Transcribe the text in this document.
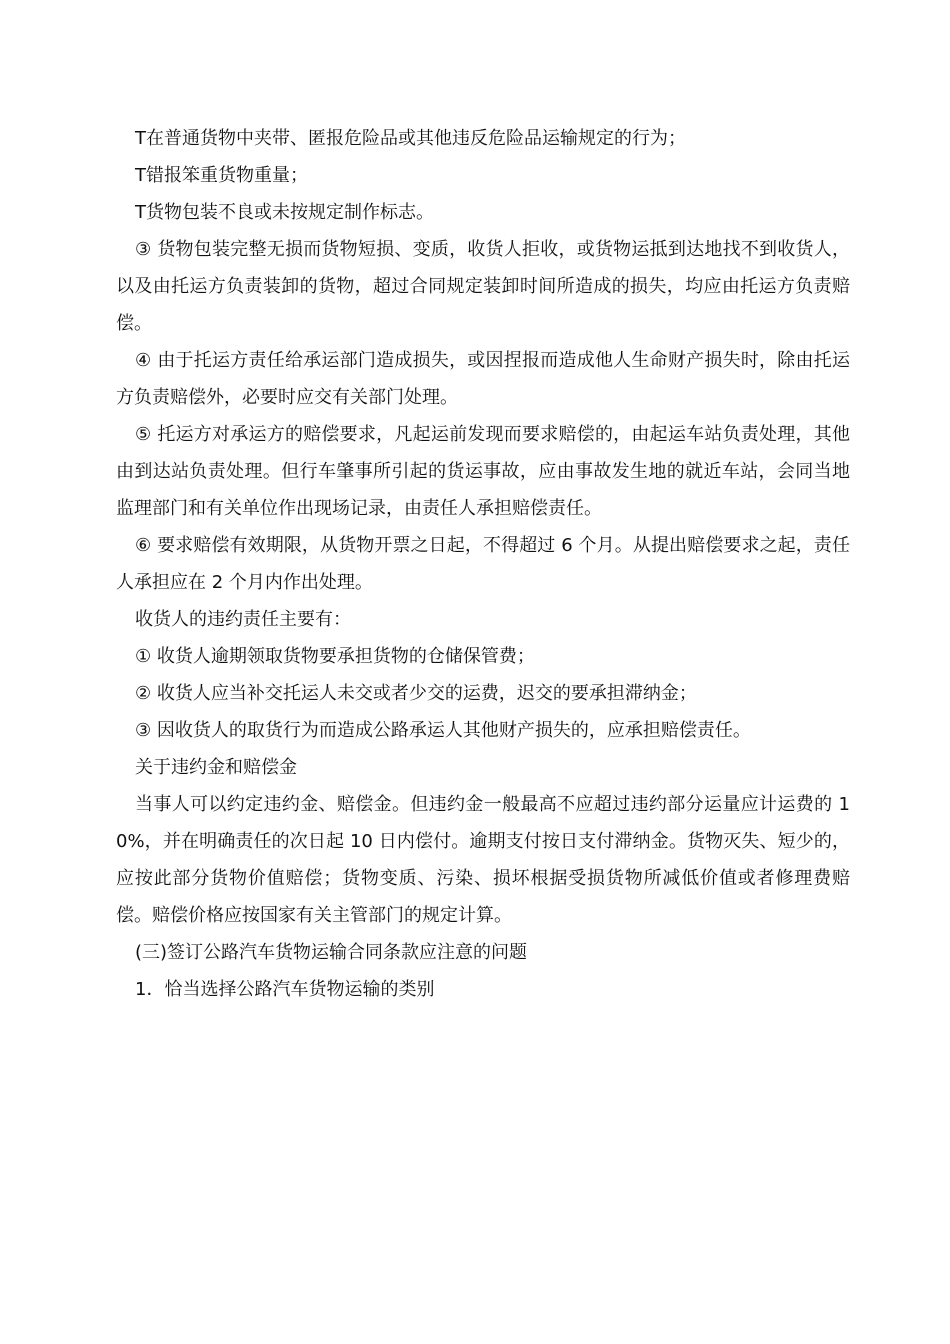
T在普通货物中夹带、匿报危险品或其他违反危险品运输规定的行为；

T错报笨重货物重量；

T货物包装不良或未按规定制作标志。

③ 货物包装完整无损而货物短损、变质，收货人拒收，或货物运抵到达地找不到收货人，以及由托运方负责装卸的货物，超过合同规定装卸时间所造成的损失，均应由托运方负责赔偿。

④ 由于托运方责任给承运部门造成损失，或因捏报而造成他人生命财产损失时，除由托运方负责赔偿外，必要时应交有关部门处理。

⑤ 托运方对承运方的赔偿要求，凡起运前发现而要求赔偿的，由起运车站负责处理，其他由到达站负责处理。但行车肇事所引起的货运事故，应由事故发生地的就近车站，会同当地监理部门和有关单位作出现场记录，由责任人承担赔偿责任。

⑥ 要求赔偿有效期限，从货物开票之日起，不得超过 6 个月。从提出赔偿要求之起，责任人承担应在 2 个月内作出处理。

收货人的违约责任主要有：

① 收货人逾期领取货物要承担货物的仓储保管费；

② 收货人应当补交托运人未交或者少交的运费，迟交的要承担滞纳金；

③ 因收货人的取货行为而造成公路承运人其他财产损失的，应承担赔偿责任。

关于违约金和赔偿金

当事人可以约定违约金、赔偿金。但违约金一般最高不应超过违约部分运量应计运费的 10%，并在明确责任的次日起 10 日内偿付。逾期支付按日支付滞纳金。货物灭失、短少的，应按此部分货物价值赔偿；货物变质、污染、损坏根据受损货物所减低价值或者修理费赔偿。赔偿价格应按国家有关主管部门的规定计算。

(三)签订公路汽车货物运输合同条款应注意的问题

1．恰当选择公路汽车货物运输的类别
